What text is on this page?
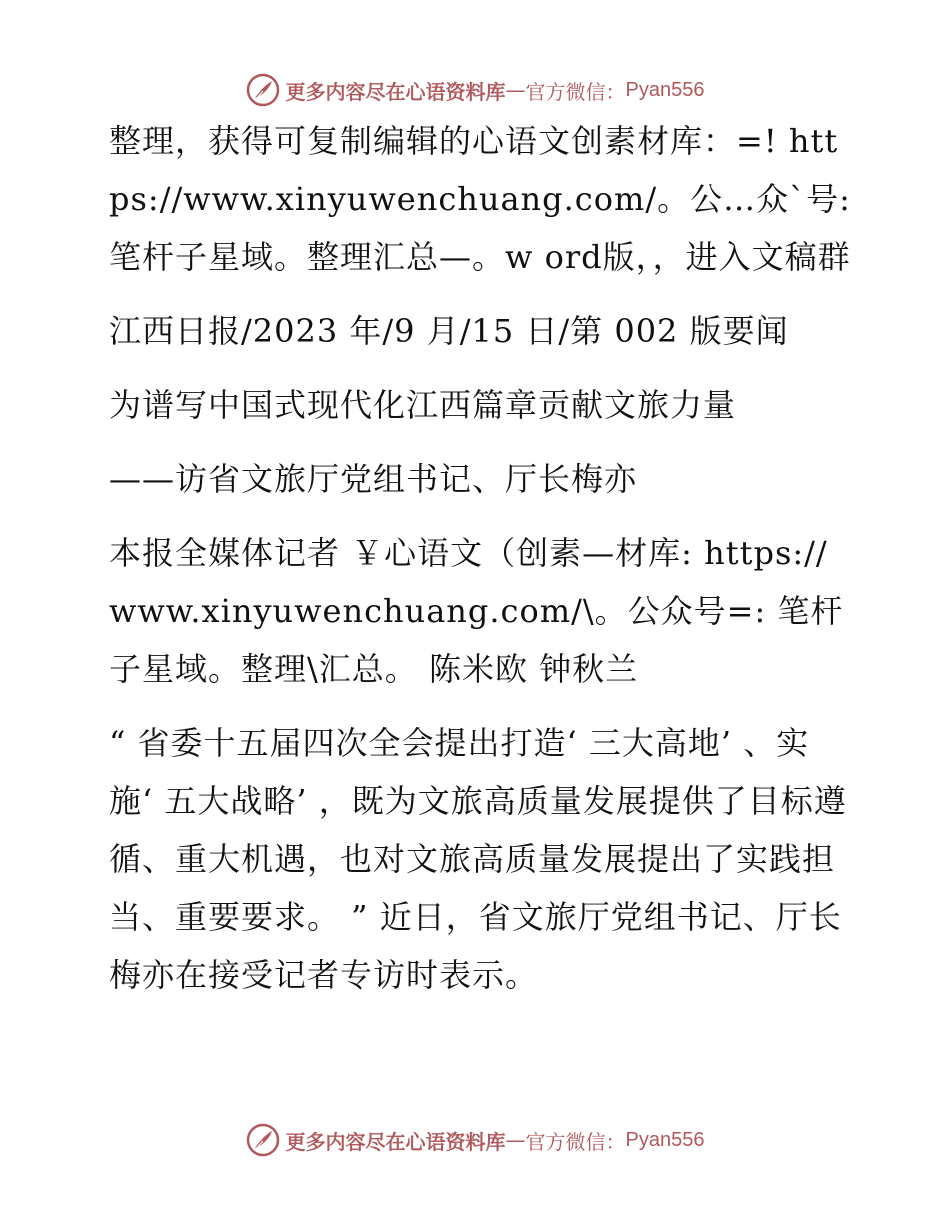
更多内容尽在心语资料库 — 官方微信： Pyan556

整理，获得可复制编辑的心语文创素材库：=! https://www.xinyuwenchuang.com/。公…众`号: 笔杆子星域。整理汇总—。w ord版，，进入文稿群

江西日报/2023 年/9 月/15 日/第 002 版要闻

为谱写中国式现代化江西篇章贡献文旅力量

——访省文旅厅党组书记、厅长梅亦

本报全媒体记者 ￥心语文（创素—材库: https://www.xinyuwenchuang.com/\。公众号=: 笔杆子星域。整理\汇总。 陈米欧 钟秋兰

“ 省委十五届四次全会提出打造‘ 三大高地’ 、实施‘ 五大战略’ ，既为文旅高质量发展提供了目标遵循、重大机遇，也对文旅高质量发展提出了实践担当、重要要求。 ” 近日，省文旅厅党组书记、厅长梅亦在接受记者专访时表示。

更多内容尽在心语资料库 — 官方微信： Pyan556
